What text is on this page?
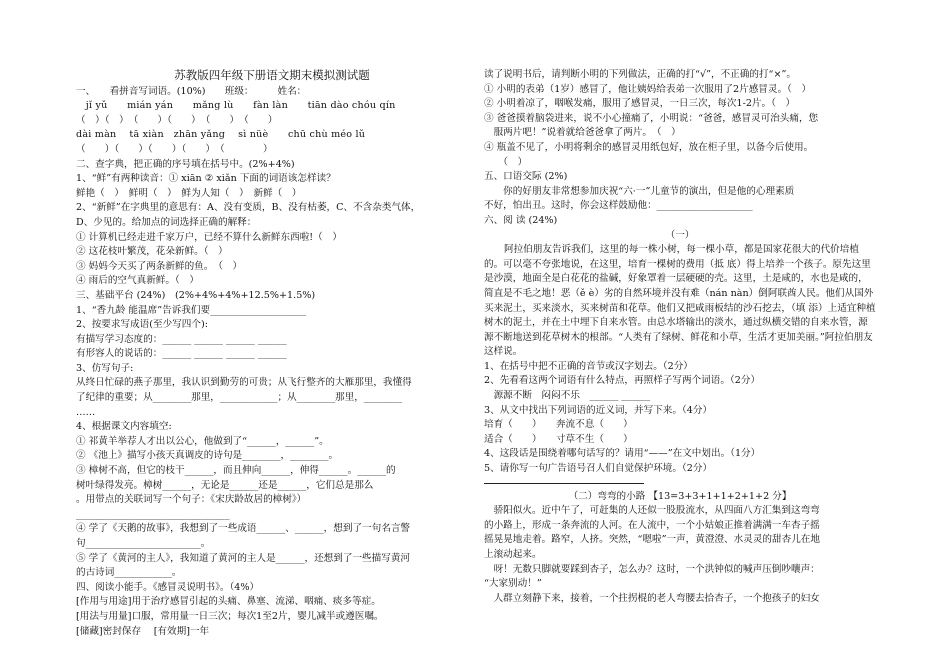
苏教版四年级下册语文期末模拟测试题
一、　　看拼音写词语。(10%)　　班级：　　　姓名：
　jǐ yǔ　　mián yán　　mǎng lù　　fàn làn　　tiān dào chóu qín
（　）（　）　（　　）（　　）　（　　）　（　　）
dài màn　 tā xiàn　zhān yǎng　 sì nüè　　chū chù méo lǔ
（　　）（　　）（　　）（　　）　（　　　　）
二、查字典，把正确的序号填在括号中。(2%+4%)
1、“鲜”有两种读音：① xiān ② xiǎn 下面的词语该怎样读？
鲜艳（　）　鲜明（　）　鲜为人知（　）　新鲜（　）
2、“新鲜”在字典里的意思有：A、没有变质，B、没有枯萎，C、不含杂类气体，
D、少见的。给加点的词选择正确的解释：
① 计算机已经走进千家万户，已经不算什么新鲜东西啦!（　）
② 这花枝叶繁茂，花朵新鲜。（　）
③ 妈妈今天买了两条新鲜的鱼。　（　）
④ 雨后的空气真新鲜。（　）
三、基础平台 (24%)　(2%+4%+4%+12.5%+1.5%)
1、“香九龄 能温席”告诉我们要____________________
2、按要求写成语(至少写四个):
有描写学习态度的：______ ______ ______ ______
有形容人的说话的：______ ______ ______ ______
3、仿写句子:
从终日忙碌的燕子那里，我认识到勤劳的可贵；从飞行整齐的大雁那里，我懂得
了纪律的重要；从________那里，____________；从________那里，________
……
4、根据课文内容填空:
① 祁黄羊举荐人才出以公心，他做到了“______，______”。
② 《池上》描写小孩天真调皮的诗句是________，________。
③ 樟树不高，但它的枝干______，而且伸向______，伸得______。______的
树叶绿得发亮。樟树______，无论是______还是______，它们总是那么
。用带点的关联词写一个句子：《宋庆龄故居的樟树》）
________________________________
④ 学了《天鹅的故事》，我想到了一些成语______、______，想到了一句名言警
句________________________。
⑤ 学了《黄河的主人》，我知道了黄河的主人是______，还想到了一些描写黄河
的古诗词____________。
四、阅读小能手。《感冒灵说明书》。（4%）
[作用与用途]用于治疗感冒引起的头痛、鼻塞、流涕、咽痛、痰多等症。
[用法与用量]口服，常用量一日三次；每次1至2片，婴儿减半或遵医嘱。
[储藏]密封保存　 [有效期]一年
读了说明书后，请判断小明的下列做法，正确的打“√”，不正确的打“×”。
① 小明的表弟（1岁）感冒了，他让姨妈给表弟一次服用了2片感冒灵。（　）
② 小明着凉了，咽喉发痛，服用了感冒灵，一日三次，每次1-2片。（　）
③ 爸爸摸着脑袋进来，说不小心撞痛了，小明说：“爸爸，感冒灵可治头痛，您
　服两片吧！”说着就给爸爸拿了两片。　（　）
④ 瓶盖不见了，小明将剩余的感冒灵用纸包好，放在柜子里，以备今后使用。
　　（　）
五、口语交际 (2%)
　　你的好朋友非常想参加庆祝“六·一”儿童节的演出，但是他的心理素质
不好，怕出丑。这时，你会这样鼓励他：____________________
六、阅 读 (24%)
（一）
阿拉伯朋友告诉我们，这里的每一株小树，每一棵小草，都是国家花很大的代价培植的。可以毫不夸张地说，在这里，培育一棵树的费用（抵 底）得上培养一个孩子。原先这里是沙漠，地面全是白花花的盐碱，好象罩着一层硬硬的壳。这里，土是咸的，水也是咸的，简直是不毛之地！恶（ě è）劣的自然环境并没有难（nán nàn）倒阿联酋人民。他们从国外买来泥土，买来淡水，买来树苗和花草。他们又把咸雨板结的沙石挖去，（填 添）上适宜种植树木的泥土，并在土中埋下自来水管。由总水塔输出的淡水，通过纵横交错的自来水管，源源不断地送到花草树木的根部。“人类有了绿树、鲜花和小草，生活才更加美丽。”阿拉伯朋友这样说。
1、在括号中把不正确的音节或汉字划去。（2分）
2、先看看这两个词语有什么特点，再照样子写两个词语。（2分）
　源源不断　闷闷不乐　______ ______
3、从文中找出下列词语的近义词，并写下来。（4分）
培育（　　）　　奔流不息（　　）
适合（　　）　　寸草不生（　　）
4、这段话是围绕着哪句话写的？请用“——”在文中划出。（1分）
5、请你写一句广告语号召人们自觉保护环境。（2分）
（二）弯弯的小路 【13=3+3+1+1+2+1+2 分】
　骄阳似火。近中午了，可赶集的人还似一股股流水，从四面八方汇集到这弯弯
的小路上，形成一条奔流的人河。在人流中，一个小姑娘正推着满满一车杏子摇
摇晃晃地走着。路窄，人挤。突然，“嗯啦”一声，黄澄澄、水灵灵的甜杏儿在地
上滚动起来。
　呀！无数只脚就要踩到杏子，怎么办？这时，一个洪钟似的喊声压倒吵嚷声：
“大家别动！”
　人群立刻静下来，接着，一个拄拐棍的老人弯腰去拾杏子，一个抱孩子的妇女
